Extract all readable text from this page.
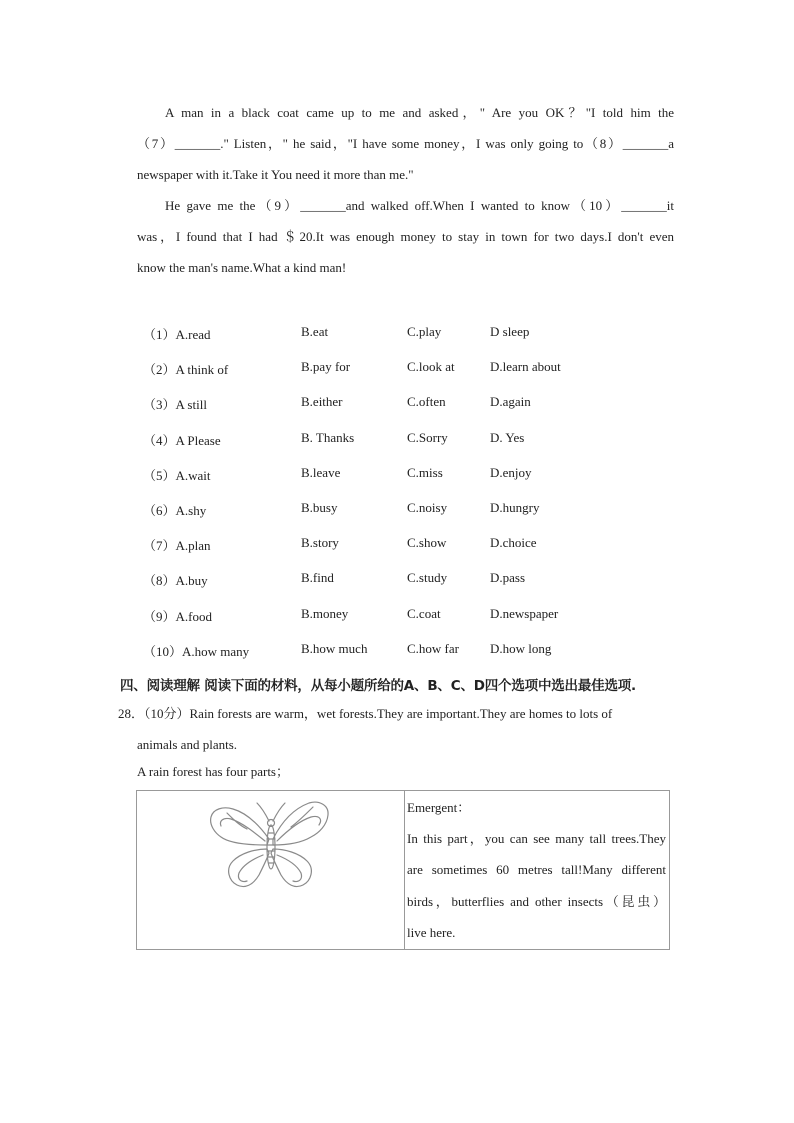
A man in a black coat came up to me and asked，" Are you OK？"I told him the
（7）_______." Listen，" he said，"I have some money，I was only going to（8）_______a
newspaper with it.Take it You need it more than me."
He gave me the（9）_______and walked off.When I wanted to know（10）_______it
was，I found that I had ＄20.It was enough money to stay in town for two days.I don't even
know the man's name.What a kind man!
（1）A.read	B.eat	C.play	D sleep
（2）A think of	B.pay for	C.look at	D.learn about
（3）A still	B.either	C.often	D.again
（4）A Please	B. Thanks	C.Sorry	D. Yes
（5）A.wait	B.leave	C.miss	D.enjoy
（6）A.shy	B.busy	C.noisy	D.hungry
（7）A.plan	B.story	C.show	D.choice
（8）A.buy	B.find	C.study	D.pass
（9）A.food	B.money	C.coat	D.newspaper
（10）A.how many	B.how much	C.how far D.how long
四、阅读理解 阅读下面的材料，从每小题所给的A、B、C、D四个选项中选出最佳选项.
28．（10分）Rain forests are warm，wet forests.They are important.They are homes to lots of
animals and plants.
A rain forest has four parts；
Emergent：
In this part，you can see many tall trees.They
are sometimes 60 metres tall!Many different
birds，butterflies and other insects（昆虫）
live here.
